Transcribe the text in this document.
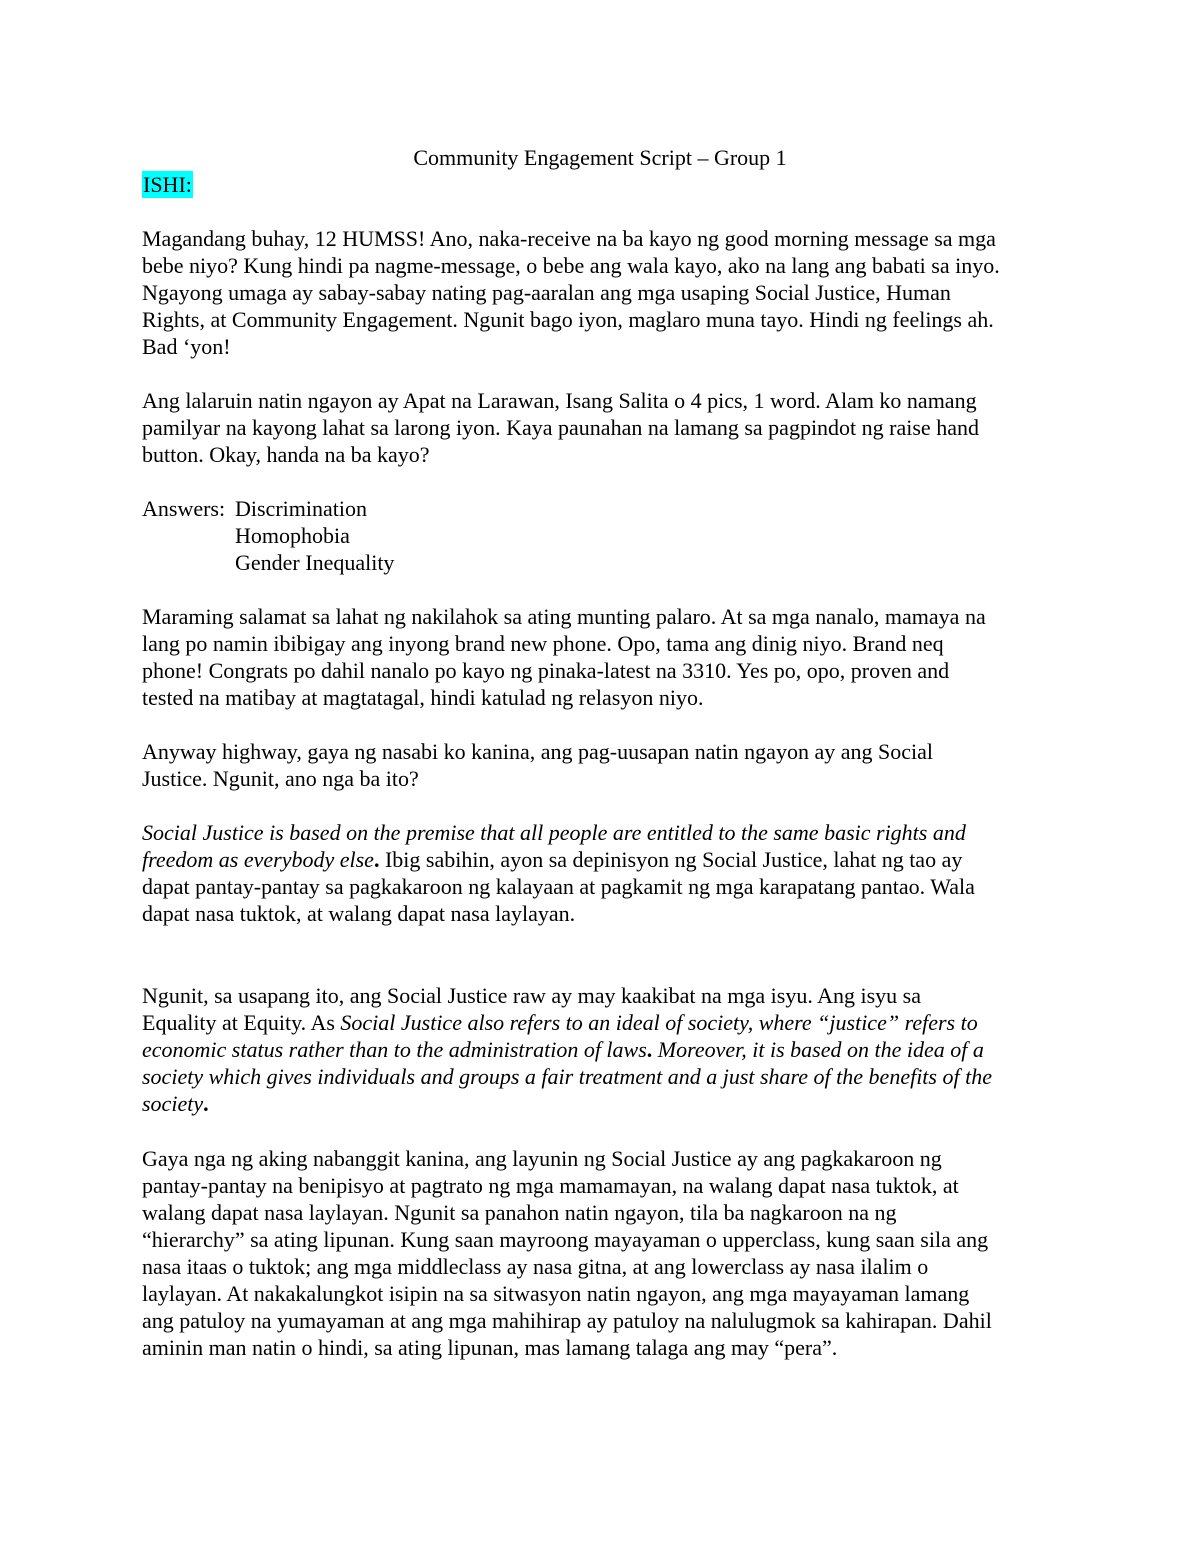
Community Engagement Script – Group 1
ISHI:
Magandang buhay, 12 HUMSS! Ano, naka-receive na ba kayo ng good morning message sa mga
bebe niyo? Kung hindi pa nagme-message, o bebe ang wala kayo, ako na lang ang babati sa inyo.
Ngayong umaga ay sabay-sabay nating pag-aaralan ang mga usaping Social Justice, Human
Rights, at Community Engagement. Ngunit bago iyon, maglaro muna tayo. Hindi ng feelings ah.
Bad ‘yon!
Ang lalaruin natin ngayon ay Apat na Larawan, Isang Salita o 4 pics, 1 word. Alam ko namang
pamilyar na kayong lahat sa larong iyon. Kaya paunahan na lamang sa pagpindot ng raise hand
button. Okay, handa na ba kayo?
Answers: Discrimination
Homophobia
Gender Inequality
Maraming salamat sa lahat ng nakilahok sa ating munting palaro. At sa mga nanalo, mamaya na
lang po namin ibibigay ang inyong brand new phone. Opo, tama ang dinig niyo. Brand neq
phone! Congrats po dahil nanalo po kayo ng pinaka-latest na 3310. Yes po, opo, proven and
tested na matibay at magtatagal, hindi katulad ng relasyon niyo.
Anyway highway, gaya ng nasabi ko kanina, ang pag-uusapan natin ngayon ay ang Social
Justice. Ngunit, ano nga ba ito?
Social Justice is based on the premise that all people are entitled to the same basic rights and
freedom as everybody else. Ibig sabihin, ayon sa depinisyon ng Social Justice, lahat ng tao ay
dapat pantay-pantay sa pagkakaroon ng kalayaan at pagkamit ng mga karapatang pantao. Wala
dapat nasa tuktok, at walang dapat nasa laylayan.
Ngunit, sa usapang ito, ang Social Justice raw ay may kaakibat na mga isyu. Ang isyu sa
Equality at Equity. As Social Justice also refers to an ideal of society, where “justice” refers to
economic status rather than to the administration of laws. Moreover, it is based on the idea of a
society which gives individuals and groups a fair treatment and a just share of the benefits of the
society.
Gaya nga ng aking nabanggit kanina, ang layunin ng Social Justice ay ang pagkakaroon ng
pantay-pantay na benipisyo at pagtrato ng mga mamamayan, na walang dapat nasa tuktok, at
walang dapat nasa laylayan. Ngunit sa panahon natin ngayon, tila ba nagkaroon na ng
“hierarchy” sa ating lipunan. Kung saan mayroong mayayaman o upperclass, kung saan sila ang
nasa itaas o tuktok; ang mga middleclass ay nasa gitna, at ang lowerclass ay nasa ilalim o
laylayan. At nakakalungkot isipin na sa sitwasyon natin ngayon, ang mga mayayaman lamang
ang patuloy na yumayaman at ang mga mahihirap ay patuloy na nalulugmok sa kahirapan. Dahil
aminin man natin o hindi, sa ating lipunan, mas lamang talaga ang may “pera”.
